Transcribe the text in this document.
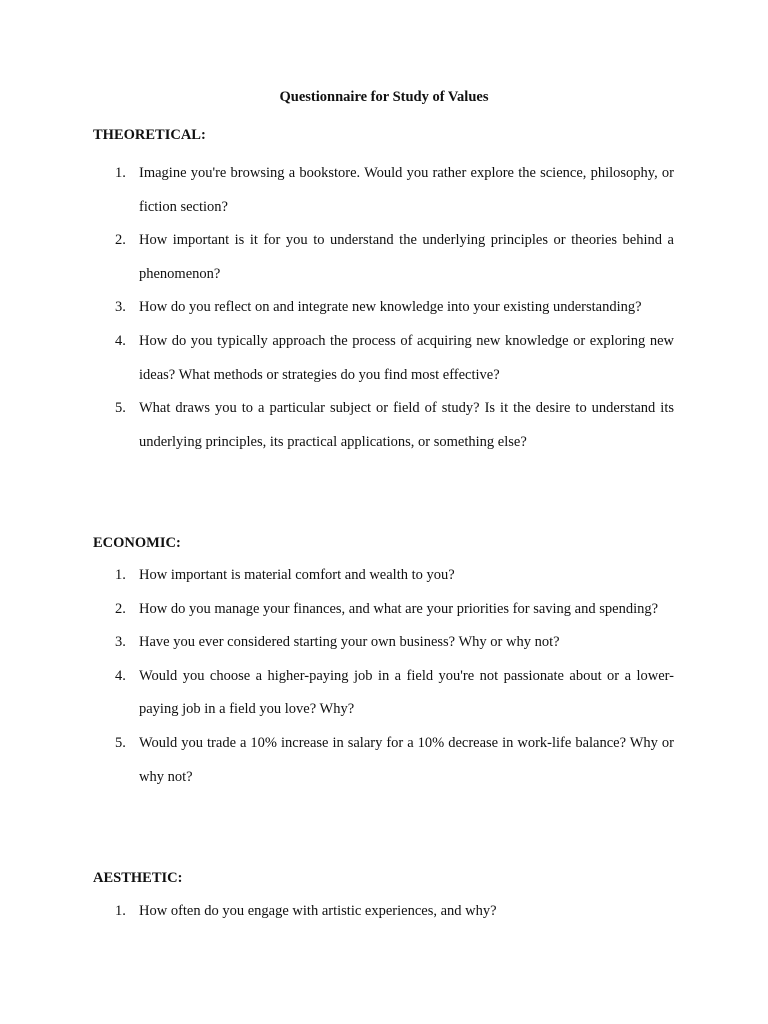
Questionnaire for Study of Values
THEORETICAL:
1. Imagine you're browsing a bookstore. Would you rather explore the science, philosophy, or fiction section?
2. How important is it for you to understand the underlying principles or theories behind a phenomenon?
3. How do you reflect on and integrate new knowledge into your existing understanding?
4. How do you typically approach the process of acquiring new knowledge or exploring new ideas? What methods or strategies do you find most effective?
5. What draws you to a particular subject or field of study? Is it the desire to understand its underlying principles, its practical applications, or something else?
ECONOMIC:
1. How important is material comfort and wealth to you?
2. How do you manage your finances, and what are your priorities for saving and spending?
3. Have you ever considered starting your own business? Why or why not?
4. Would you choose a higher-paying job in a field you're not passionate about or a lower-paying job in a field you love? Why?
5. Would you trade a 10% increase in salary for a 10% decrease in work-life balance? Why or why not?
AESTHETIC:
1. How often do you engage with artistic experiences, and why?
